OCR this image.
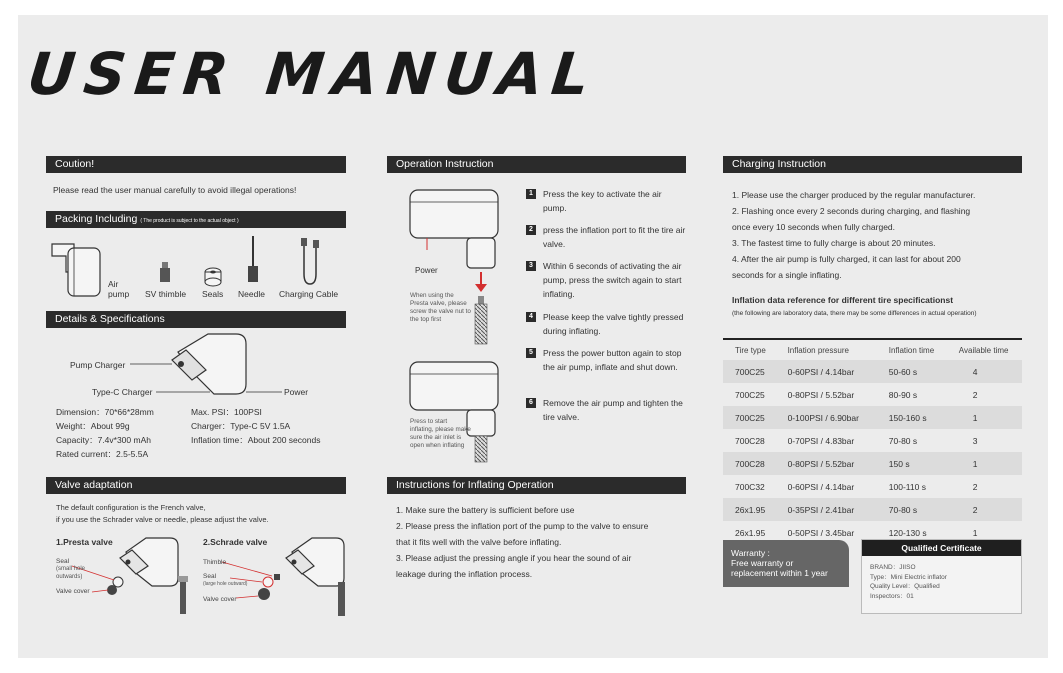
USER MANUAL
Coution!
Please read the user manual carefully to avoid illegal operations!
Packing Including ( The product is subject to the actual object )
Air pump	SV thimble Seals Needle Charging Cable
Details & Specifications
Pump Charger
Type-C Charger	Power
Dimension：70*66*28mm
Weight：About 99g
Capacity：7.4v*300 mAh
Rated current：2.5-5.5A
Max. PSI：100PSI
Charger：Type-C 5V 1.5A
Inflation time：About 200 seconds
Valve adaptation
The default configuration is the French valve,
if you use the Schrader valve or needle, please adjust the valve.
1.Presta valve	2.Schrade valve
Seal
(small hole outwards)
Valve cover
Thimble
Seal
(large hole outward)
Valve cover
Operation Instruction
Power
When using the Presta valve, please screw the valve nut to the top first
Press to start inflating, please make sure the air inlet is open when inflating
1	Press the key to activate the air pump.
2	press the inflation port to fit the tire air valve.
3	Within 6 seconds of activating the air pump, press the switch again to start inflating.
4	Please keep the valve tightly pressed during inflating.
5	Press the power button again to stop the air pump, inflate and shut down.
6	Remove the air pump and tighten the tire valve.
Instructions for Inflating Operation
1. Make sure the battery is sufficient before use
2. Please press the inflation port of the pump to the valve to ensure
that it fits well with the valve before inflating.
3. Please adjust the pressing angle if you hear the sound of air
leakage during the inflation process.
Charging Instruction
1. Please use the charger produced by the regular manufacturer.
2. Flashing once every 2 seconds during charging, and flashing
once every 10 seconds when fully charged.
3. The fastest time to fully charge is about 20 minutes.
4. After the air pump is fully charged, it can last for about 200
seconds for a single inflating.
Inflation data reference for different tire specificationst
(the following are laboratory data, there may be some differences in actual operation)
Tire type	Inflation pressure	Inflation time	Available time
700C25	0-60PSI / 4.14bar	50-60 s	4
700C25	0-80PSI / 5.52bar	80-90 s	2
700C25	0-100PSI / 6.90bar	150-160 s	1
700C28	0-70PSI / 4.83bar	70-80 s	3
700C28	0-80PSI / 5.52bar	150 s	1
700C32	0-60PSI / 4.14bar	100-110 s	2
26x1.95	0-35PSI / 2.41bar	70-80 s	2
26x1.95	0-50PSI / 3.45bar	120-130 s	1
Warranty :
Free warranty or
replacement within 1 year
Qualified Certificate
BRAND：JIISO
Type：Mini Electric inflator
Quality Level：Qualified
Inspectors：01
